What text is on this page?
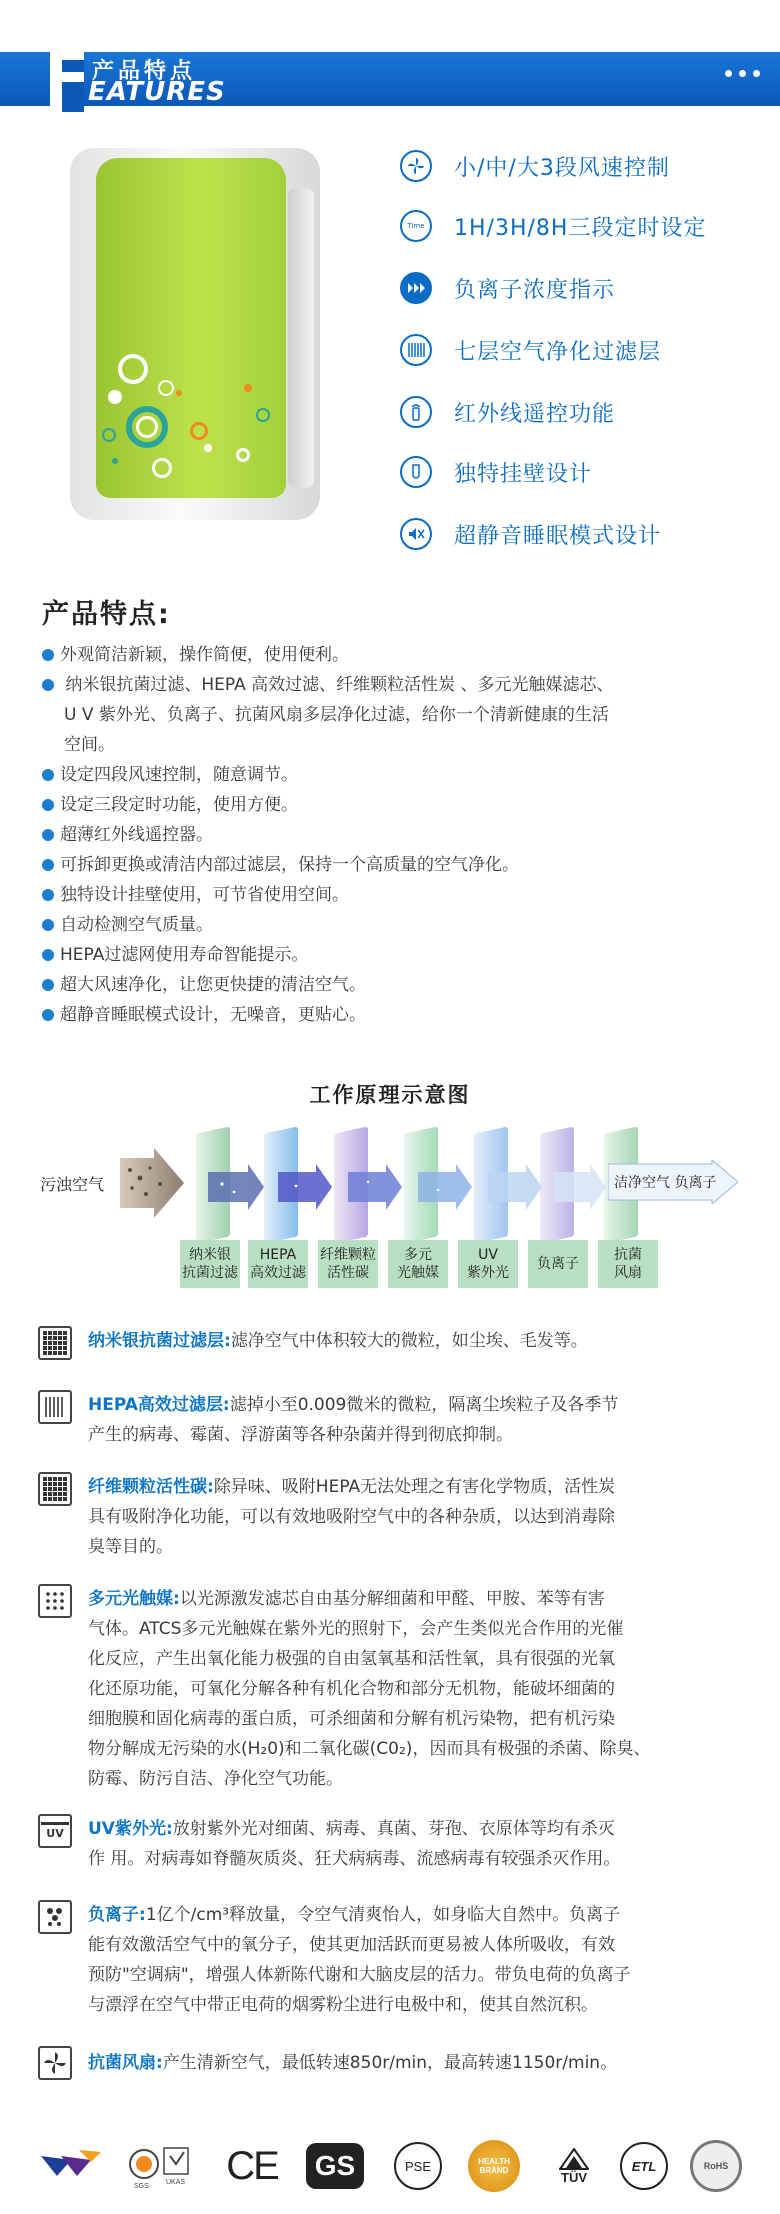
产品特点
EATURES
小/中/大3段风速控制
Time 1H/3H/8H三段定时设定
负离子浓度指示
七层空气净化过滤层
红外线遥控功能
独特挂壁设计
超静音睡眠模式设计
产品特点:
外观简洁新颖，操作简便，使用便利。
纳米银抗菌过滤、HEPA 高效过滤、纤维颗粒活性炭 、多元光触媒滤芯、
U V 紫外光、负离子、抗菌风扇多层净化过滤，给你一个清新健康的生活
空间。
设定四段风速控制，随意调节。
设定三段定时功能，使用方便。
超薄红外线遥控器。
可拆卸更换或清洁内部过滤层，保持一个高质量的空气净化。
独特设计挂壁使用，可节省使用空间。
自动检测空气质量。
HEPA过滤网使用寿命智能提示。
超大风速净化，让您更快捷的清洁空气。
超静音睡眠模式设计，无噪音，更贴心。
工作原理示意图
污浊空气	洁净空气 负离子
纳米银
抗菌过滤
HEPA
高效过滤
纤维颗粒
活性碳
多元
光触媒
UV
紫外光
负离子
抗菌
风扇
纳米银抗菌过滤层:滤净空气中体积较大的微粒，如尘埃、毛发等。
HEPA高效过滤层:滤掉小至0.009微米的微粒，隔离尘埃粒子及各季节
产生的病毒、霉菌、浮游菌等各种杂菌并得到彻底抑制。
纤维颗粒活性碳:除异味、吸附HEPA无法处理之有害化学物质，活性炭
具有吸附净化功能，可以有效地吸附空气中的各种杂质，以达到消毒除
臭等目的。
多元光触媒:以光源激发滤芯自由基分解细菌和甲醛、甲胺、苯等有害
气体。ATCS多元光触媒在紫外光的照射下，会产生类似光合作用的光催
化反应，产生出氧化能力极强的自由氢氧基和活性氧，具有很强的光氧
化还原功能，可氧化分解各种有机化合物和部分无机物，能破坏细菌的
细胞膜和固化病毒的蛋白质，可杀细菌和分解有机污染物，把有机污染
物分解成无污染的水(H₂0)和二氧化碳(C0₂)，因而具有极强的杀菌、除臭、
防霉、防污自洁、净化空气功能。
UV	UV紫外光:放射紫外光对细菌、病毒、真菌、芽孢、衣原体等均有杀灭
作 用。对病毒如脊髓灰质炎、狂犬病病毒、流感病毒有较强杀灭作用。
负离子:1亿个/cm³释放量，令空气清爽怡人，如身临大自然中。负离子
能有效激活空气中的氧分子，使其更加活跃而更易被人体所吸收，有效
预防"空调病"，增强人体新陈代谢和大脑皮层的活力。带负电荷的负离子
与漂浮在空气中带正电荷的烟雾粉尘进行电极中和，使其自然沉积。
抗菌风扇:产生清新空气，最低转速850r/min，最高转速1150r/min。
SGS
UKAS CE GS	PSE	HEALTH
BRAND	TÜV
ETL	RoHS
